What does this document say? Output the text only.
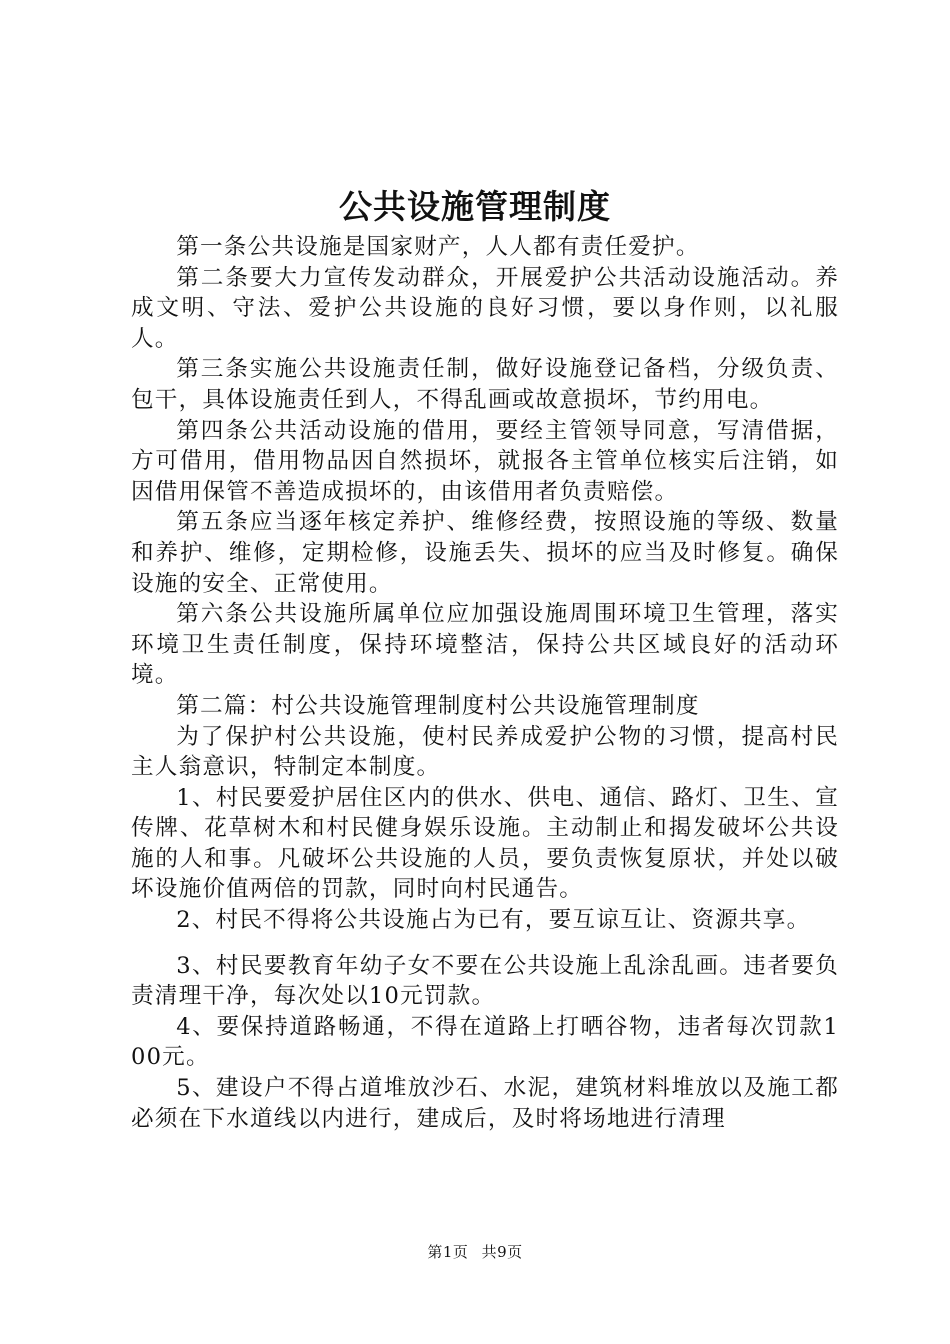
公共设施管理制度

第一条公共设施是国家财产，人人都有责任爱护。

第二条要大力宣传发动群众，开展爱护公共活动设施活动。养成文明、守法、爱护公共设施的良好习惯，要以身作则，以礼服人。

第三条实施公共设施责任制，做好设施登记备档，分级负责、包干，具体设施责任到人，不得乱画或故意损坏，节约用电。

第四条公共活动设施的借用，要经主管领导同意，写清借据，方可借用，借用物品因自然损坏，就报各主管单位核实后注销，如因借用保管不善造成损坏的，由该借用者负责赔偿。

第五条应当逐年核定养护、维修经费，按照设施的等级、数量和养护、维修，定期检修，设施丢失、损坏的应当及时修复。确保设施的安全、正常使用。

第六条公共设施所属单位应加强设施周围环境卫生管理，落实环境卫生责任制度，保持环境整洁，保持公共区域良好的活动环境。

第二篇：村公共设施管理制度村公共设施管理制度

为了保护村公共设施，使村民养成爱护公物的习惯，提高村民主人翁意识，特制定本制度。

1、村民要爱护居住区内的供水、供电、通信、路灯、卫生、宣传牌、花草树木和村民健身娱乐设施。主动制止和揭发破坏公共设施的人和事。凡破坏公共设施的人员，要负责恢复原状，并处以破坏设施价值两倍的罚款，同时向村民通告。

2、村民不得将公共设施占为已有，要互谅互让、资源共享。

3、村民要教育年幼子女不要在公共设施上乱涂乱画。违者要负责清理干净，每次处以10元罚款。

4、要保持道路畅通，不得在道路上打晒谷物，违者每次罚款100元。

5、建设户不得占道堆放沙石、水泥，建筑材料堆放以及施工都必须在下水道线以内进行，建成后，及时将场地进行清理

第1页 共9页
